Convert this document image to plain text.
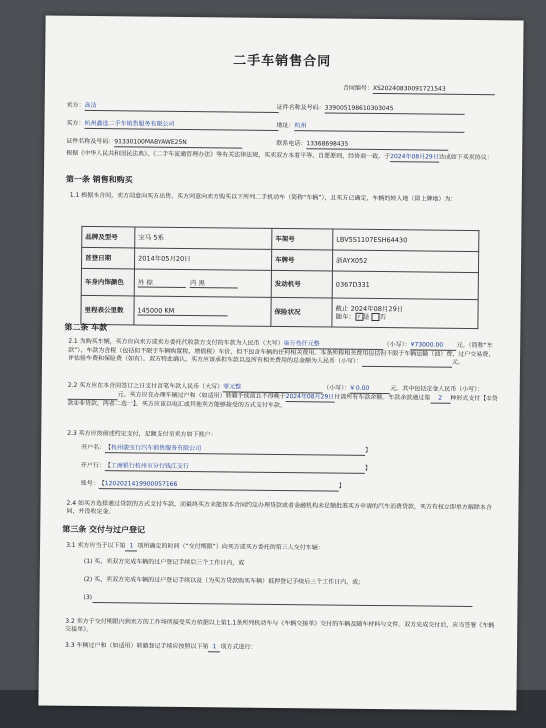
二手车销售合同
合同编号：XS20240830091721543
卖方：高洁	证件名称及号码：339005198610303045
买方：杭州鑫选二手车销售服务有限公司	地址：杭州
证件名称及号码：91330100MABYAWE25N	联系电话：13368698435
根据《中华人民共和国民法典》、《二手车流通管理办法》等有关法律法规，买卖双方本着平等、自愿原则，经协商一致，于2024年08月29日达成如下买卖协议：
第一条 销售和购买
1.1 根据本合同，卖方同意向买方出售，买方同意向卖方购买以下所列二手机动车（简称“车辆”），且买方已确定，车辆的转入地（即上牌地）为：
品牌及型号	宝马 5系	车架号	LBV5S1107ESH64430
首登日期	2014年05月20日	车牌号	浙AYX052
车身内饰颜色	外 棕 内 黑	发动机号	0367D331
里程表公里数	145000 KM	保险状况	截止 2024年08月29日
随车： √ 是 否
第二条 车款
2.1 为购买车辆，买方应向卖方或卖方委托代收款方支付的车款为人民币（大写）柒万叁仟元整	（小写）：¥73000.00 元。（简称“车款”），车款为含税（包括但不限于车辆购置税、增值税）车价，但不包含车辆的任何相关费用。本条所称相关费用包括但不限于车辆运输（油）费、过户交易费、评估验车费和保险费（如有）。双方特此确认，买方应该承担车款以及所有相关费用的总金额为人民币（小写）：	元。
2.2 买方应在本合同签订之日支付首笔车款人民币（大写）零元整	（小写）：¥ 0.00	元。其中包括定金人民币（小写）： 元。买方应在办理车辆过户和（如适用）转籍手续前且不得晚于2024年08月29日付清所有车款余额。车款余款通过第 2 种形式支付【①贷款②非贷款，两者二选一】。买方应该以电汇或其他卖方能够接受的方式支付车款。
2.3 买方应按前述约定支付，足额支付至卖方如下账户：
开户名：【杭州骏宝行汽车销售服务有限公司	】
开户行：【工商银行杭州市分行钱江支行	】
账号：【1202021419900057166	】
2.4 如买方选择通过贷款的方式支付车款，而最终买方未能按本合同约定办理贷款或者金融机构未足额批准买方申请的汽车消费贷款，买方有权立即单方解除本合同，并没收定金。
第三条 交付与过户登记
3.1 卖方应当于以下第 1 项所确定的时间（“交付期限”）向买方或买方委托的第三人交付车辆：
(1) 买、卖双方完成车辆的过户登记手续后三个工作日内，或
(2) 买、卖双方完成车辆的过户登记手续以及（为买方贷款购买车辆）抵押登记手续后三个工作日内，或;
(3)
3.2 卖方于交付期限内到卖方的工作场所接受买方依据以上第1.1条所列机动车与《车辆交接单》交付的车辆及随车材料与文件。双方完成交付后，应当签署《车辆交接单》。
3.3 车辆过户和（如适用）转籍登记手续应按照以下第 1 项方式进行：
